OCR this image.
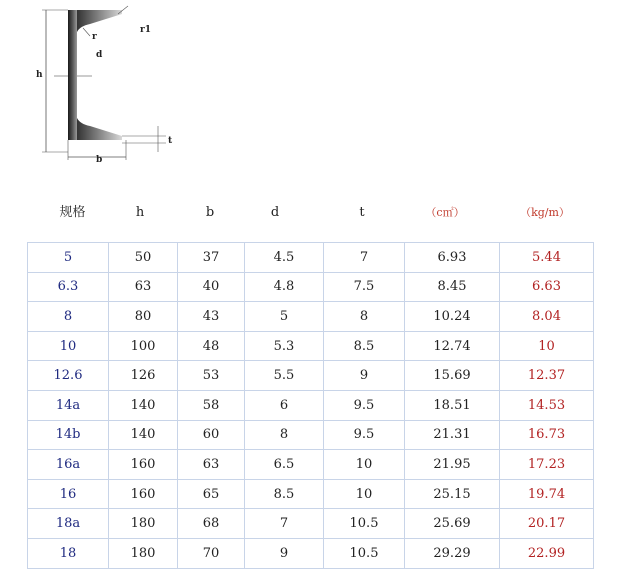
r1
r
d
h
t
b
规格	h	b	d	t	（c㎡）	（kg/m）
5	50	37	4.5	7	6.93	5.44
6.3	63	40	4.8	7.5	8.45	6.63
8	80	43	5	8	10.24	8.04
10	100	48	5.3	8.5	12.74	10
12.6	126	53	5.5	9	15.69	12.37
14a	140	58	6	9.5	18.51	14.53
14b	140	60	8	9.5	21.31	16.73
16a	160	63	6.5	10	21.95	17.23
16	160	65	8.5	10	25.15	19.74
18a	180	68	7	10.5	25.69	20.17
18	180	70	9	10.5	29.29	22.99
